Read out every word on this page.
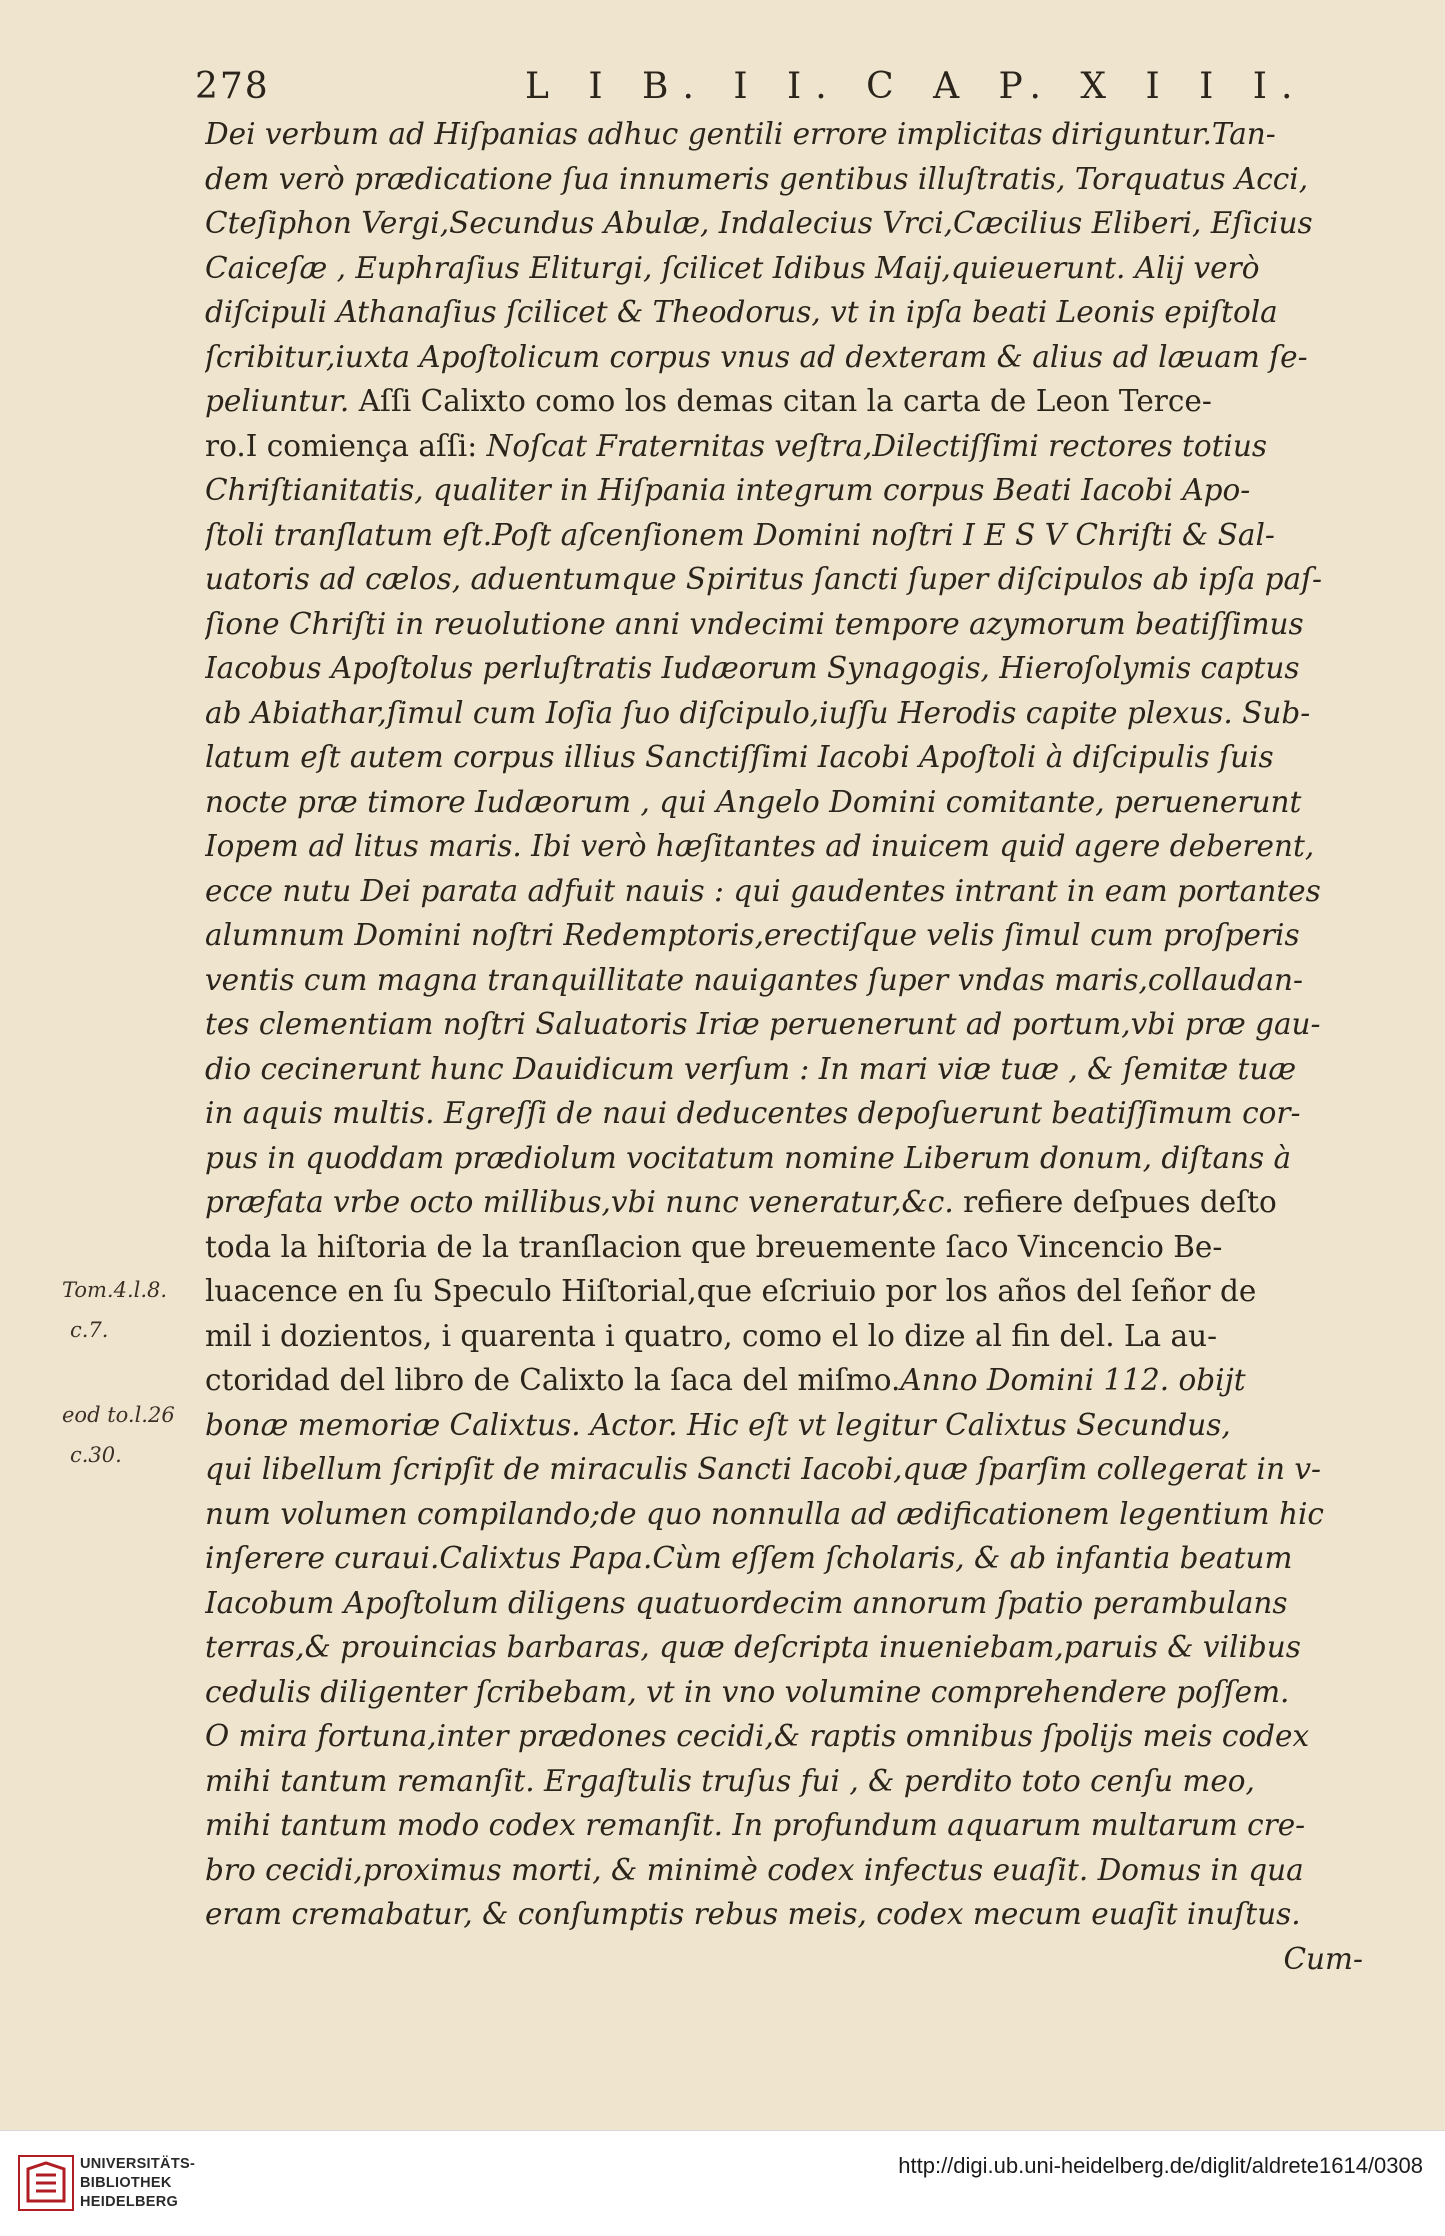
278	L I B. I I. C A P. X I I I.
Tom.4.l.8.
c.7.
eod to.l.26
c.30.
Dei verbum ad Hiſpanias adhuc gentili errore implicitas diriguntur.Tan-
dem verò prædicatione ſua innumeris gentibus illuſtratis, Torquatus Acci,
Cteſiphon Vergi,Secundus Abulæ, Indalecius Vrci,Cæcilius Eliberi, Eſicius
Caiceſæ , Euphraſius Eliturgi, ſcilicet Idibus Maij,quieuerunt. Alij verò
diſcipuli Athanaſius ſcilicet & Theodorus, vt in ipſa beati Leonis epiſtola
ſcribitur,iuxta Apoſtolicum corpus vnus ad dexteram & alius ad læuam ſe-
peliuntur. Aſſi Calixto como los demas citan la carta de Leon Terce-
ro.I comiença aſſi: Noſcat Fraternitas veſtra,Dilectiſſimi rectores totius
Chriſtianitatis, qualiter in Hiſpania integrum corpus Beati Iacobi Apo-
ſtoli tranſlatum eſt.Poſt aſcenſionem Domini noſtri I E S V Chriſti & Sal-
uatoris ad cælos, aduentumque Spiritus ſancti ſuper diſcipulos ab ipſa paſ-
ſione Chriſti in reuolutione anni vndecimi tempore azymorum beatiſſimus
Iacobus Apoſtolus perluſtratis Iudæorum Synagogis, Hieroſolymis captus
ab Abiathar,ſimul cum Ioſia ſuo diſcipulo,iuſſu Herodis capite plexus. Sub-
latum eſt autem corpus illius Sanctiſſimi Iacobi Apoſtoli à diſcipulis ſuis
nocte præ timore Iudæorum , qui Angelo Domini comitante, peruenerunt
Iopem ad litus maris. Ibi verò hæſitantes ad inuicem quid agere deberent,
ecce nutu Dei parata adfuit nauis : qui gaudentes intrant in eam portantes
alumnum Domini noſtri Redemptoris,erectiſque velis ſimul cum proſperis
ventis cum magna tranquillitate nauigantes ſuper vndas maris,collaudan-
tes clementiam noſtri Saluatoris Iriæ peruenerunt ad portum,vbi præ gau-
dio cecinerunt hunc Dauidicum verſum : In mari viæ tuæ , & ſemitæ tuæ
in aquis multis. Egreſſi de naui deducentes depoſuerunt beatiſſimum cor-
pus in quoddam prædiolum vocitatum nomine Liberum donum, diſtans à
præfata vrbe octo millibus,vbi nunc veneratur,&c. refiere deſpues deſto
toda la hiſtoria de la tranſlacion que breuemente ſaco Vincencio Be-
luacence en ſu Speculo Hiſtorial,que eſcriuio por los años del ſeñor de
mil i dozientos, i quarenta i quatro, como el lo dize al fin del. La au-
ctoridad del libro de Calixto la ſaca del miſmo.Anno Domini 112. obijt
bonæ memoriæ Calixtus. Actor. Hic eſt vt legitur Calixtus Secundus,
qui libellum ſcripſit de miraculis Sancti Iacobi,quæ ſparſim collegerat in v-
num volumen compilando;de quo nonnulla ad ædificationem legentium hic
inſerere curaui.Calixtus Papa.Cùm eſſem ſcholaris, & ab infantia beatum
Iacobum Apoſtolum diligens quatuordecim annorum ſpatio perambulans
terras,& prouincias barbaras, quæ deſcripta inueniebam,paruis & vilibus
cedulis diligenter ſcribebam, vt in vno volumine comprehendere poſſem.
O mira fortuna,inter prædones cecidi,& raptis omnibus ſpolijs meis codex
mihi tantum remanſit. Ergaſtulis truſus fui , & perdito toto cenſu meo,
mihi tantum modo codex remanſit. In profundum aquarum multarum cre-
bro cecidi,proximus morti, & minimè codex infectus euaſit. Domus in qua
eram cremabatur, & conſumptis rebus meis, codex mecum euaſit inuſtus.
Cum-
UNIVERSITÄTS-
BIBLIOTHEK
HEIDELBERG
http://digi.ub.uni-heidelberg.de/diglit/aldrete1614/0308
